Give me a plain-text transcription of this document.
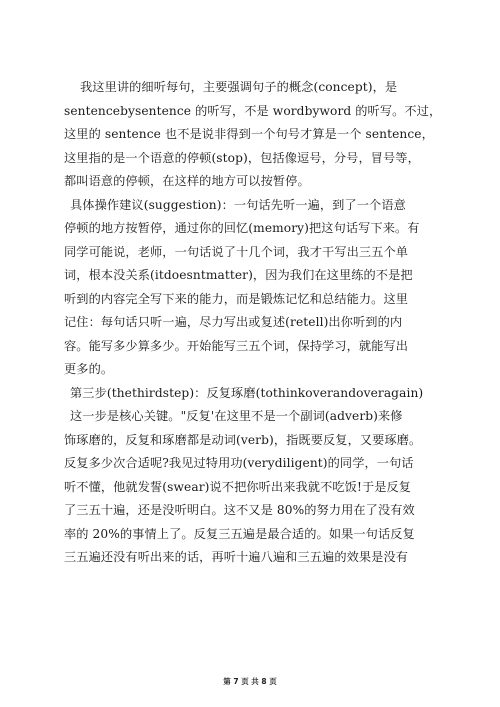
我这里讲的细听每句，主要强调句子的概念(concept)，是
sentencebysentence 的听写，不是 wordbyword 的听写。不过，
这里的 sentence 也不是说非得到一个句号才算是一个 sentence，
这里指的是一个语意的停顿(stop)，包括像逗号，分号，冒号等，
都叫语意的停顿，在这样的地方可以按暂停。
具体操作建议(suggestion)：一句话先听一遍，到了一个语意
停顿的地方按暂停，通过你的回忆(memory)把这句话写下来。有
同学可能说，老师，一句话说了十几个词，我才干写出三五个单
词，根本没关系(itdoesntmatter)，因为我们在这里练的不是把
听到的内容完全写下来的能力，而是锻炼记忆和总结能力。这里
记住：每句话只听一遍，尽力写出或复述(retell)出你听到的内
容。能写多少算多少。开始能写三五个词，保持学习，就能写出
更多的。
第三步(thethirdstep)：反复琢磨(tothinkoverandoveragain)
这一步是核心关键。"反复'在这里不是一个副词(adverb)来修
饰琢磨的，反复和琢磨都是动词(verb)，指既要反复，又要琢磨。
反复多少次合适呢?我见过特用功(verydiligent)的同学，一句话
听不懂，他就发誓(swear)说不把你听出来我就不吃饭!于是反复
了三五十遍，还是没听明白。这不又是 80%的努力用在了没有效
率的 20%的事情上了。反复三五遍是最合适的。如果一句话反复
三五遍还没有听出来的话，再听十遍八遍和三五遍的效果是没有
第 7 页 共 8 页
